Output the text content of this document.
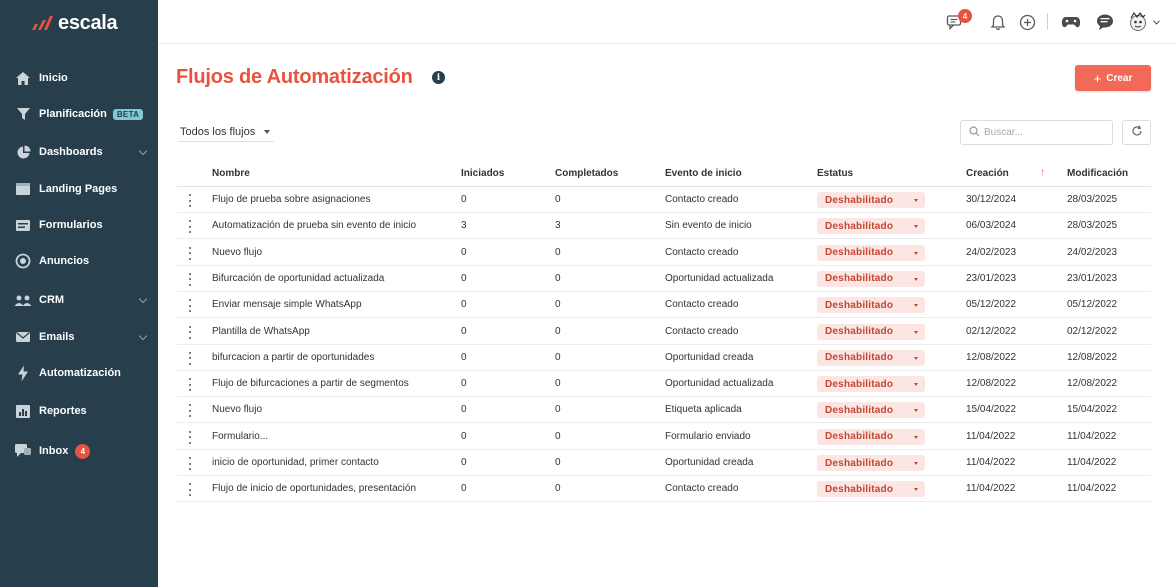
escala
Inicio
Planificación	BETA
Dashboards
Landing Pages
Formularios
Anuncios
CRM
Emails
Automatización
Reportes
Inbox	4
4
Flujos de Automatización	i	+ Crear
Todos los flujos
Buscar...
Nombre	Iniciados	Completados	Evento de inicio	Estatus	Creación	↑ Modificación
Flujo de prueba sobre asignaciones	0	0	Contacto creado	Deshabilitado	30/12/2024	28/03/2025
Automatización de prueba sin evento de inicio	3	3	Sin evento de inicio	Deshabilitado	06/03/2024	28/03/2025
Nuevo flujo	0	0	Contacto creado	Deshabilitado	24/02/2023	24/02/2023
Bifurcación de oportunidad actualizada	0	0	Oportunidad actualizada	Deshabilitado	23/01/2023	23/01/2023
Enviar mensaje simple WhatsApp	0	0	Contacto creado	Deshabilitado	05/12/2022	05/12/2022
Plantilla de WhatsApp	0	0	Contacto creado	Deshabilitado	02/12/2022	02/12/2022
bifurcacion a partir de oportunidades	0	0	Oportunidad creada	Deshabilitado	12/08/2022	12/08/2022
Flujo de bifurcaciones a partir de segmentos	0	0	Oportunidad actualizada	Deshabilitado	12/08/2022	12/08/2022
Nuevo flujo	0	0	Etiqueta aplicada	Deshabilitado	15/04/2022	15/04/2022
Formulario...	0	0	Formulario enviado	Deshabilitado	11/04/2022	11/04/2022
inicio de oportunidad, primer contacto	0	0	Oportunidad creada	Deshabilitado	11/04/2022	11/04/2022
Flujo de inicio de oportunidades, presentación	0	0	Contacto creado	Deshabilitado	11/04/2022	11/04/2022
